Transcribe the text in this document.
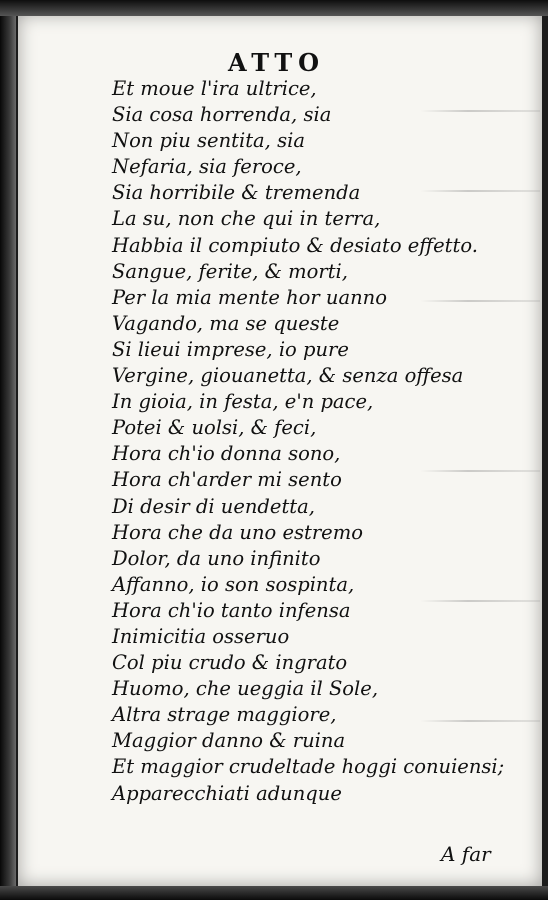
ATTO
Et moue l'ira ultrice,
Sia cosa horrenda, sia
Non piu sentita, sia
Nefaria, sia feroce,
Sia horribile & tremenda
La su, non che qui in terra,
Habbia il compiuto & desiato effetto.
Sangue, ferite, & morti,
Per la mia mente hor uanno
Vagando, ma se queste
Si lieui imprese, io pure
Vergine, giouanetta, & senza offesa
In gioia, in festa, e'n pace,
Potei & uolsi, & feci,
Hora ch'io donna sono,
Hora ch'arder mi sento
Di desir di uendetta,
Hora che da uno estremo
Dolor, da uno infinito
Affanno, io son sospinta,
Hora ch'io tanto infensa
Inimicitia osseruo
Col piu crudo & ingrato
Huomo, che ueggia il Sole,
Altra strage maggiore,
Maggior danno & ruina
Et maggior crudeltade hoggi conuiensi;
Apparecchiati adunque
A far
